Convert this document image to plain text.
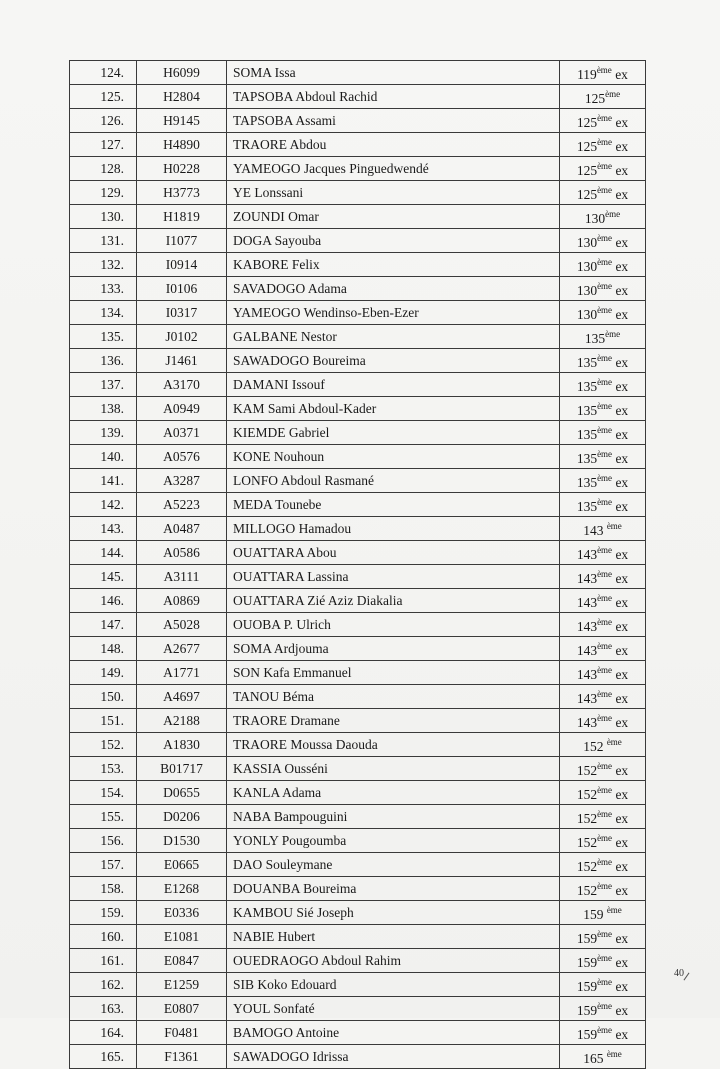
124.	H6099	SOMA Issa	119ème ex
125.	H2804	TAPSOBA Abdoul Rachid	125ème
126.	H9145	TAPSOBA Assami	125ème ex
127.	H4890	TRAORE Abdou	125ème ex
128.	H0228	YAMEOGO Jacques Pinguedwendé	125ème ex
129.	H3773	YE Lonssani	125ème ex
130.	H1819	ZOUNDI Omar	130ème
131.	I1077	DOGA Sayouba	130ème ex
132.	I0914	KABORE Felix	130ème ex
133.	I0106	SAVADOGO Adama	130ème ex
134.	I0317	YAMEOGO Wendinso-Eben-Ezer	130ème ex
135.	J0102	GALBANE Nestor	135ème
136.	J1461	SAWADOGO Boureima	135ème ex
137.	A3170	DAMANI Issouf	135ème ex
138.	A0949	KAM Sami Abdoul-Kader	135ème ex
139.	A0371	KIEMDE Gabriel	135ème ex
140.	A0576	KONE Nouhoun	135ème ex
141.	A3287	LONFO Abdoul Rasmané	135ème ex
142.	A5223	MEDA Tounebe	135ème ex
143.	A0487	MILLOGO Hamadou	143 $^{ème}$
144.	A0586	OUATTARA Abou	143ème ex
145.	A3111	OUATTARA Lassina	143ème ex
146.	A0869	OUATTARA Zié Aziz Diakalia	143ème ex
147.	A5028	OUOBA P. Ulrich	143ème ex
148.	A2677	SOMA Ardjouma	143ème ex
149.	A1771	SON Kafa Emmanuel	143ème ex
150.	A4697	TANOU Béma	143ème ex
151.	A2188	TRAORE Dramane	143ème ex
152.	A1830	TRAORE Moussa Daouda	152 $^{ème}$
153.	B01717	KASSIA Ousséni	152ème ex
154.	D0655	KANLA Adama	152ème ex
155.	D0206	NABA Bampouguini	152ème ex
156.	D1530	YONLY Pougoumba	152ème ex
157.	E0665	DAO Souleymane	152ème ex
158.	E1268	DOUANBA Boureima	152ème ex
159.	E0336	KAMBOU Sié Joseph	159 $^{ème}$
160.	E1081	NABIE Hubert	159ème ex
161.	E0847	OUEDRAOGO Abdoul Rahim	159ème ex
162.	E1259	SIB Koko Edouard	159ème ex
163.	E0807	YOUL Sonfaté	159ème ex
164.	F0481	BAMOGO Antoine	159ème ex
165.	F1361	SAWADOGO Idrissa	165 $^{ème}$
40
